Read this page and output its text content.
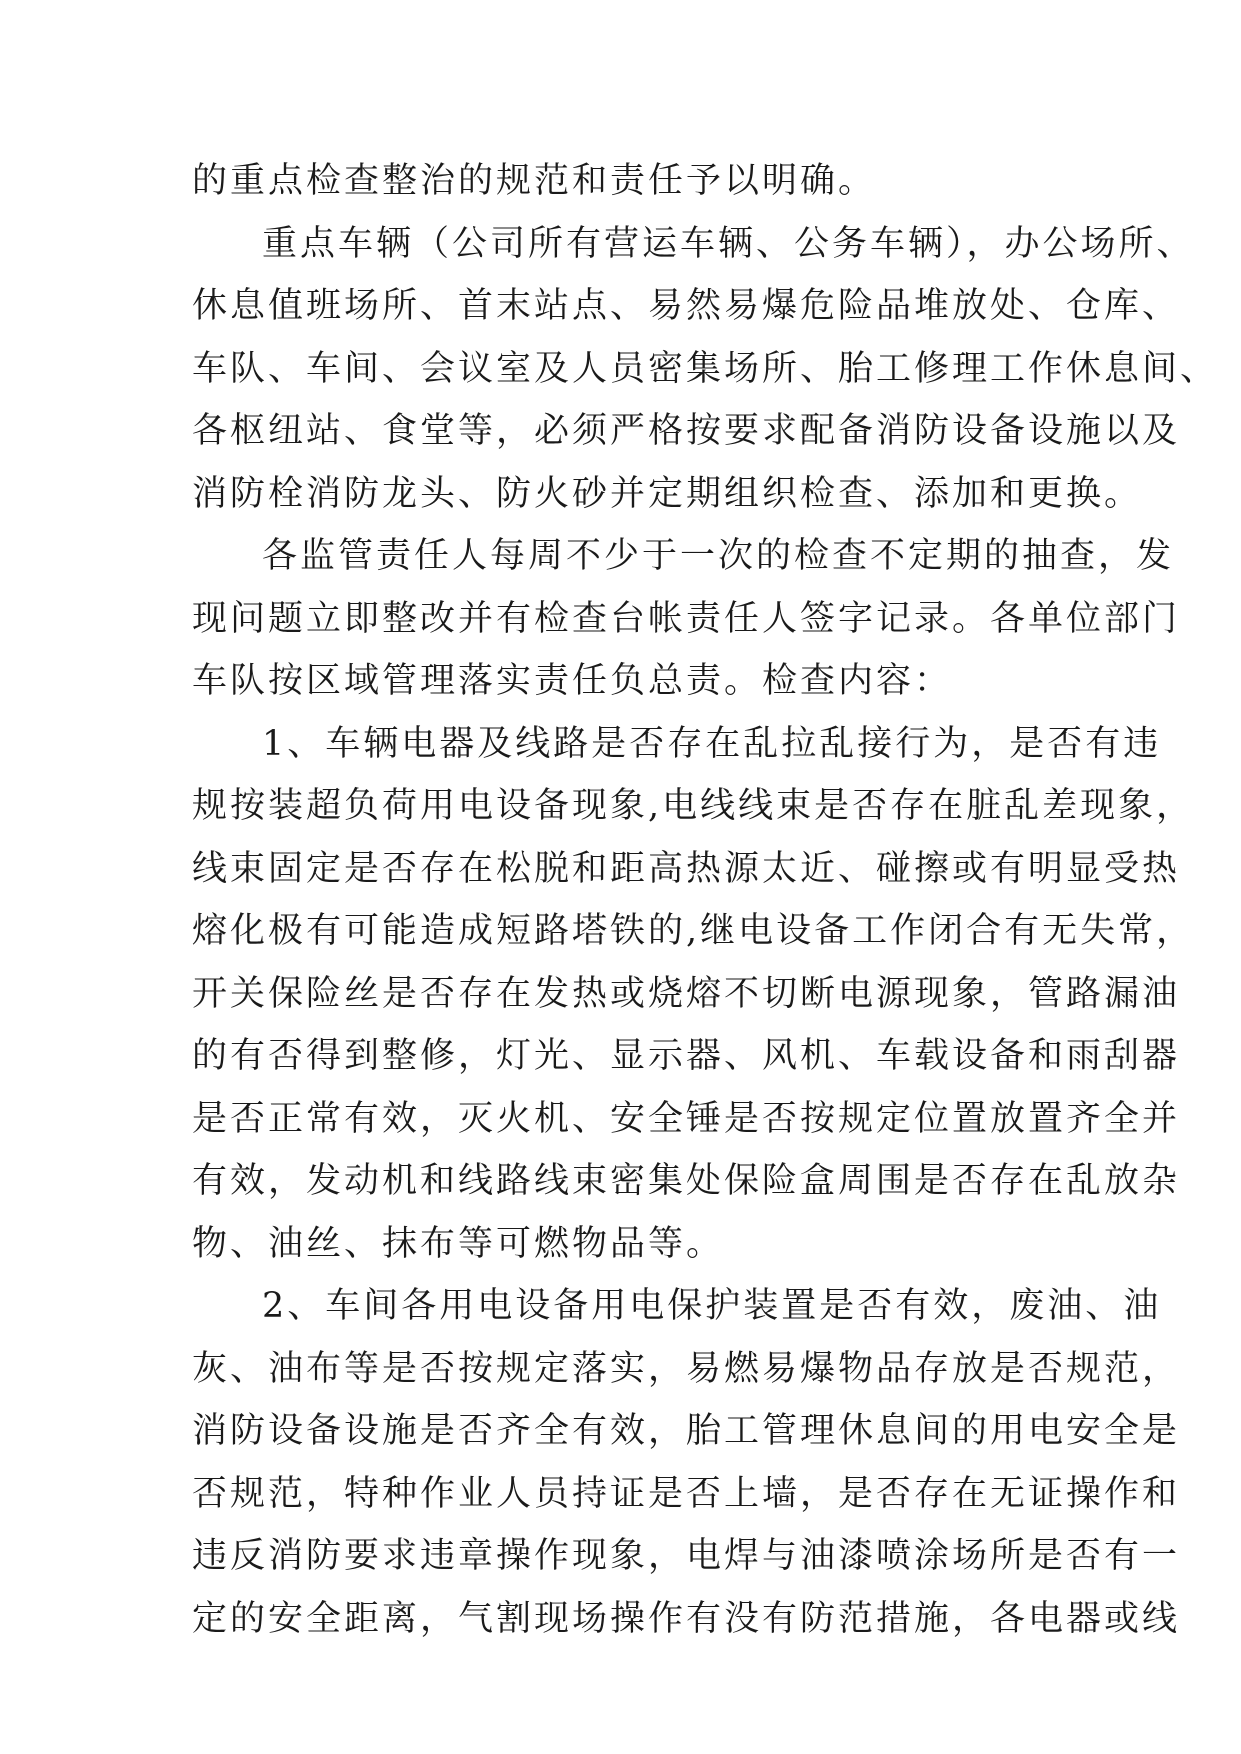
的重点检查整治的规范和责任予以明确。
重点车辆（公司所有营运车辆、公务车辆），办公场所、
休息值班场所、首末站点、易然易爆危险品堆放处、仓库、
车队、车间、会议室及人员密集场所、胎工修理工作休息间、
各枢纽站、食堂等，必须严格按要求配备消防设备设施以及
消防栓消防龙头、防火砂并定期组织检查、添加和更换。
各监管责任人每周不少于一次的检查不定期的抽查，发
现问题立即整改并有检查台帐责任人签字记录。各单位部门
车队按区域管理落实责任负总责。检查内容：
1、车辆电器及线路是否存在乱拉乱接行为，是否有违
规按装超负荷用电设备现象,电线线束是否存在脏乱差现象，
线束固定是否存在松脱和距高热源太近、碰擦或有明显受热
熔化极有可能造成短路塔铁的,继电设备工作闭合有无失常，
开关保险丝是否存在发热或烧熔不切断电源现象，管路漏油
的有否得到整修，灯光、显示器、风机、车载设备和雨刮器
是否正常有效，灭火机、安全锤是否按规定位置放置齐全并
有效，发动机和线路线束密集处保险盒周围是否存在乱放杂
物、油丝、抹布等可燃物品等。
2、车间各用电设备用电保护装置是否有效，废油、油
灰、油布等是否按规定落实，易燃易爆物品存放是否规范，
消防设备设施是否齐全有效，胎工管理休息间的用电安全是
否规范，特种作业人员持证是否上墙，是否存在无证操作和
违反消防要求违章操作现象，电焊与油漆喷涂场所是否有一
定的安全距离，气割现场操作有没有防范措施，各电器或线
